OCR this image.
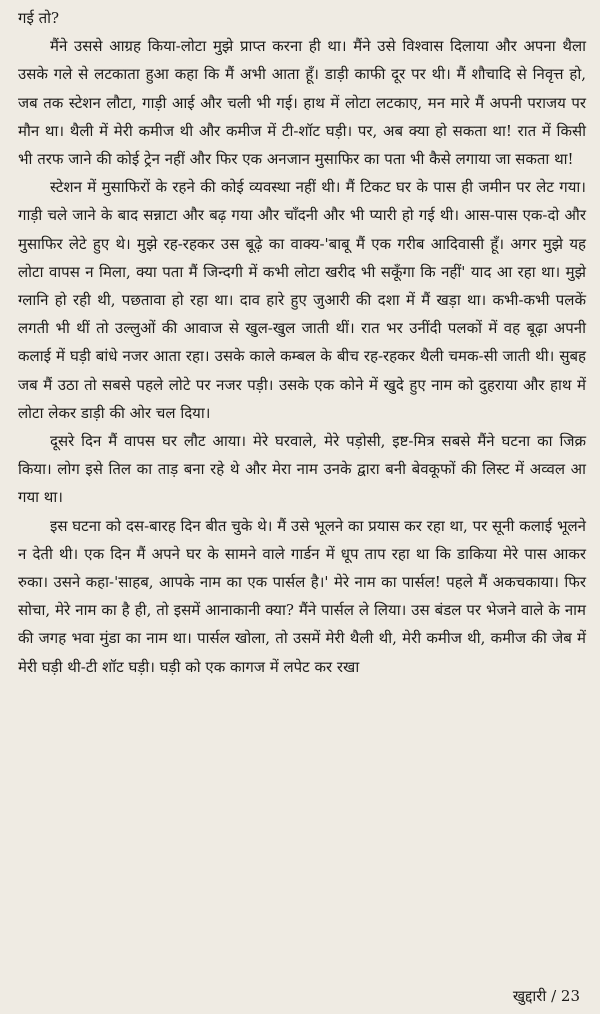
गई तो?

मैंने उससे आग्रह किया-लोटा मुझे प्राप्त करना ही था। मैंने उसे विश्वास दिलाया और अपना थैला उसके गले से लटकाता हुआ कहा कि मैं अभी आता हूँ। डाड़ी काफी दूर पर थी। मैं शौचादि से निवृत्त हो, जब तक स्टेशन लौटा, गाड़ी आई और चली भी गई। हाथ में लोटा लटकाए, मन मारे मैं अपनी पराजय पर मौन था। थैली में मेरी कमीज थी और कमीज में टी-शॉट घड़ी। पर, अब क्या हो सकता था! रात में किसी भी तरफ जाने की कोई ट्रेन नहीं और फिर एक अनजान मुसाफिर का पता भी कैसे लगाया जा सकता था!

स्टेशन में मुसाफिरों के रहने की कोई व्यवस्था नहीं थी। मैं टिकट घर के पास ही जमीन पर लेट गया। गाड़ी चले जाने के बाद सन्नाटा और बढ़ गया और चाँदनी और भी प्यारी हो गई थी। आस-पास एक-दो और मुसाफिर लेटे हुए थे। मुझे रह-रहकर उस बूढ़े का वाक्य-'बाबू मैं एक गरीब आदिवासी हूँ। अगर मुझे यह लोटा वापस न मिला, क्या पता मैं जिन्दगी में कभी लोटा खरीद भी सकूँगा कि नहीं' याद आ रहा था। मुझे ग्लानि हो रही थी, पछतावा हो रहा था। दाव हारे हुए जुआरी की दशा में मैं खड़ा था। कभी-कभी पलकें लगती भी थीं तो उल्लुओं की आवाज से खुल-खुल जाती थीं। रात भर उनींदी पलकों में वह बूढ़ा अपनी कलाई में घड़ी बांधे नजर आता रहा। उसके काले कम्बल के बीच रह-रहकर थैली चमक-सी जाती थी। सुबह जब मैं उठा तो सबसे पहले लोटे पर नजर पड़ी। उसके एक कोने में खुदे हुए नाम को दुहराया और हाथ में लोटा लेकर डाड़ी की ओर चल दिया।

दूसरे दिन मैं वापस घर लौट आया। मेरे घरवाले, मेरे पड़ोसी, इष्ट-मित्र सबसे मैंने घटना का जिक्र किया। लोग इसे तिल का ताड़ बना रहे थे और मेरा नाम उनके द्वारा बनी बेवकूफों की लिस्ट में अव्वल आ गया था।

इस घटना को दस-बारह दिन बीत चुके थे। मैं उसे भूलने का प्रयास कर रहा था, पर सूनी कलाई भूलने न देती थी। एक दिन मैं अपने घर के सामने वाले गार्डन में धूप ताप रहा था कि डाकिया मेरे पास आकर रुका। उसने कहा-'साहब, आपके नाम का एक पार्सल है।' मेरे नाम का पार्सल! पहले मैं अकचकाया। फिर सोचा, मेरे नाम का है ही, तो इसमें आनाकानी क्या? मैंने पार्सल ले लिया। उस बंडल पर भेजने वाले के नाम की जगह भवा मुंडा का नाम था। पार्सल खोला, तो उसमें मेरी थैली थी, मेरी कमीज थी, कमीज की जेब में मेरी घड़ी थी-टी शॉट घड़ी। घड़ी को एक कागज में लपेट कर रखा

खुद्दारी / 23
